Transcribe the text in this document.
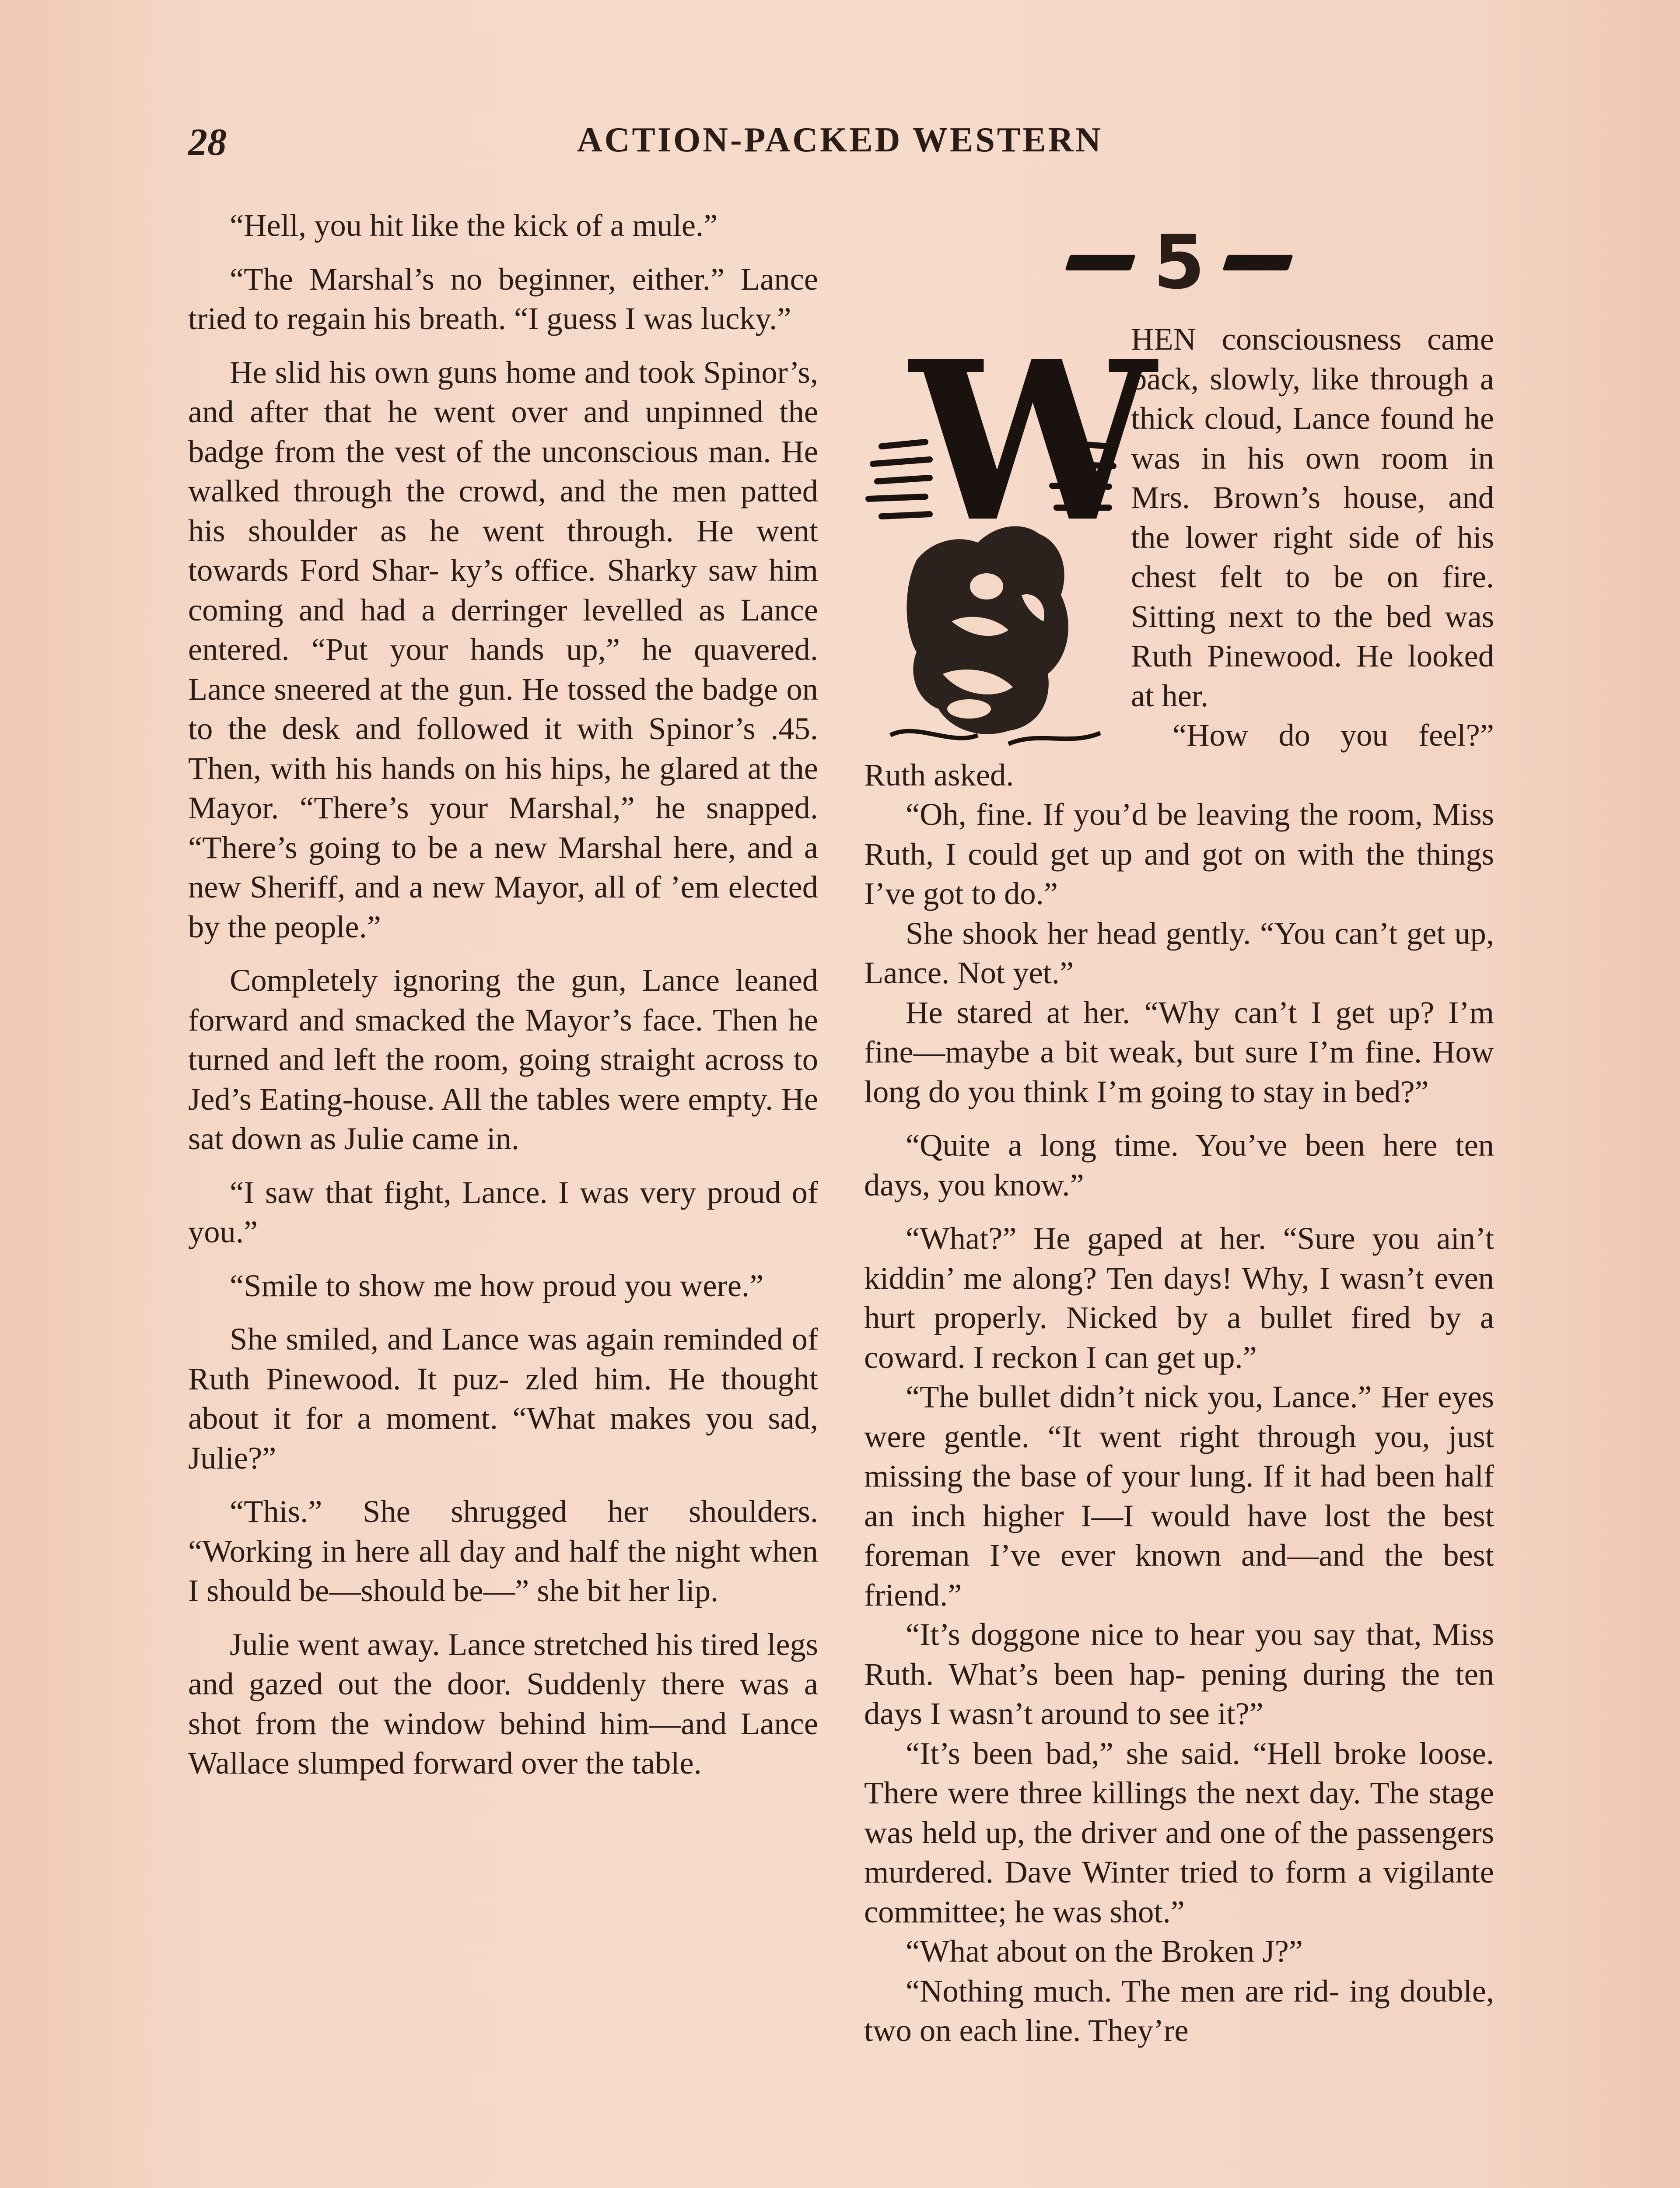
28	ACTION-PACKED WESTERN

“Hell, you hit like the kick of a mule.”

“The Marshal’s no beginner, either.” Lance tried to regain his breath. “I guess I was lucky.”

He slid his own guns home and took Spinor’s, and after that he went over and unpinned the badge from the vest of the unconscious man. He walked through the crowd, and the men patted his shoulder as he went through. He went towards Ford Shar- ky’s office. Sharky saw him coming and had a derringer levelled as Lance entered. “Put your hands up,” he quavered. Lance sneered at the gun. He tossed the badge on to the desk and followed it with Spinor’s .45. Then, with his hands on his hips, he glared at the Mayor. “There’s your Marshal,” he snapped. “There’s going to be a new Marshal here, and a new Sheriff, and a new Mayor, all of ’em elected by the people.”

Completely ignoring the gun, Lance leaned forward and smacked the Mayor’s face. Then he turned and left the room, going straight across to Jed’s Eating-house. All the tables were empty. He sat down as Julie came in.

“I saw that fight, Lance. I was very proud of you.”

“Smile to show me how proud you were.”

She smiled, and Lance was again reminded of Ruth Pinewood. It puz- zled him. He thought about it for a moment. “What makes you sad, Julie?”

“This.” She shrugged her shoulders. “Working in here all day and half the night when I should be—should be—” she bit her lip.

Julie went away. Lance stretched his tired legs and gazed out the door. Suddenly there was a shot from the window behind him—and Lance Wallace slumped forward over the table.

5
W

HEN consciousness came back, slowly, like through a thick cloud, Lance found he was in his own room in Mrs. Brown’s house, and the lower right side of his chest felt to be on fire. Sitting next to the bed was Ruth Pinewood. He looked at her.

“How do you feel?” Ruth asked.

“Oh, fine. If you’d be leaving the room, Miss Ruth, I could get up and got on with the things I’ve got to do.”

She shook her head gently. “You can’t get up, Lance. Not yet.”

He stared at her. “Why can’t I get up? I’m fine—maybe a bit weak, but sure I’m fine. How long do you think I’m going to stay in bed?”

“Quite a long time. You’ve been here ten days, you know.”

“What?” He gaped at her. “Sure you ain’t kiddin’ me along? Ten days! Why, I wasn’t even hurt properly. Nicked by a bullet fired by a coward. I reckon I can get up.”

“The bullet didn’t nick you, Lance.” Her eyes were gentle. “It went right through you, just missing the base of your lung. If it had been half an inch higher I—I would have lost the best foreman I’ve ever known and—and the best friend.”

“It’s doggone nice to hear you say that, Miss Ruth. What’s been hap- pening during the ten days I wasn’t around to see it?”

“It’s been bad,” she said. “Hell broke loose. There were three killings the next day. The stage was held up, the driver and one of the passengers murdered. Dave Winter tried to form a vigilante committee; he was shot.”

“What about on the Broken J?”

“Nothing much. The men are rid- ing double, two on each line. They’re
